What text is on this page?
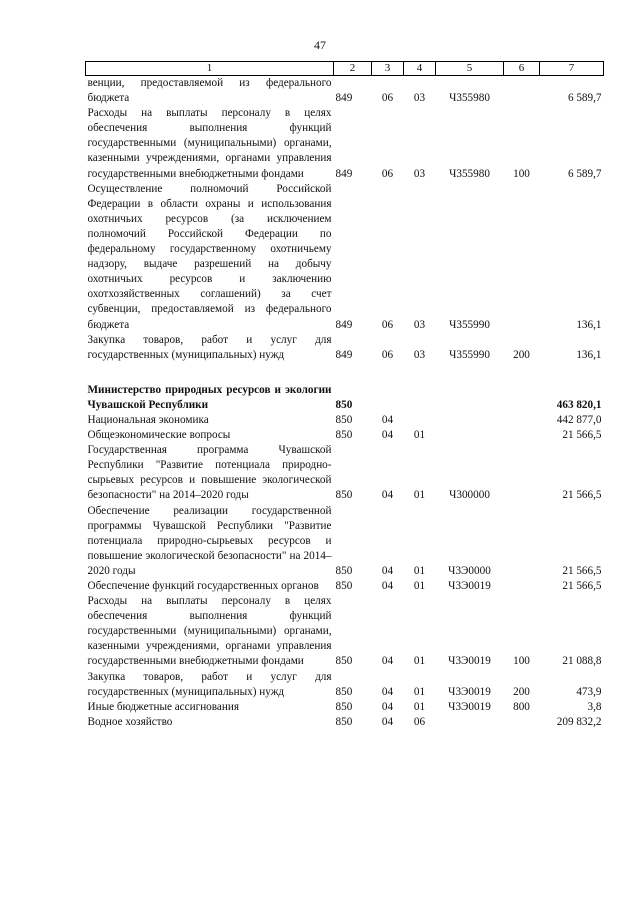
47
1	2	3	4	5	6	7
венции, предоставляемой из федерального бюджета	849	06	03	Ч355980		6 589,7
Расходы на выплаты персоналу в целях обеспечения выполнения функций государственными (муниципальными) органами, казенными учреждениями, органами управления государственными внебюджетными фондами	849	06	03	Ч355980	100	6 589,7
Осуществление полномочий Российской Федерации в области охраны и использования охотничьих ресурсов (за исключением полномочий Российской Федерации по федеральному государственному охотничьему надзору, выдаче разрешений на добычу охотничьих ресурсов и заключению охотхозяйственных соглашений) за счет субвенции, предоставляемой из федерального бюджета	849	06	03	Ч355990		136,1
Закупка товаров, работ и услуг для государственных (муниципальных) нужд	849	06	03	Ч355990	200	136,1

Министерство природных ресурсов и экологии Чувашской Республики	850					463 820,1
Национальная экономика	850	04				442 877,0
Общеэкономические вопросы	850	04	01			21 566,5
Государственная программа Чувашской Республики "Развитие потенциала природно-сырьевых ресурсов и повышение экологической безопасности" на 2014–2020 годы	850	04	01	Ч300000		21 566,5
Обеспечение реализации государственной программы Чувашской Республики "Развитие потенциала природно-сырьевых ресурсов и повышение экологической безопасности" на 2014–2020 годы	850	04	01	Ч3Э0000		21 566,5
Обеспечение функций государственных органов	850	04	01	Ч3Э0019		21 566,5
Расходы на выплаты персоналу в целях обеспечения выполнения функций государственными (муниципальными) органами, казенными учреждениями, органами управления государственными внебюджетными фондами	850	04	01	Ч3Э0019	100	21 088,8
Закупка товаров, работ и услуг для государственных (муниципальных) нужд	850	04	01	Ч3Э0019	200	473,9
Иные бюджетные ассигнования	850	04	01	Ч3Э0019	800	3,8
Водное хозяйство	850	04	06			209 832,2
